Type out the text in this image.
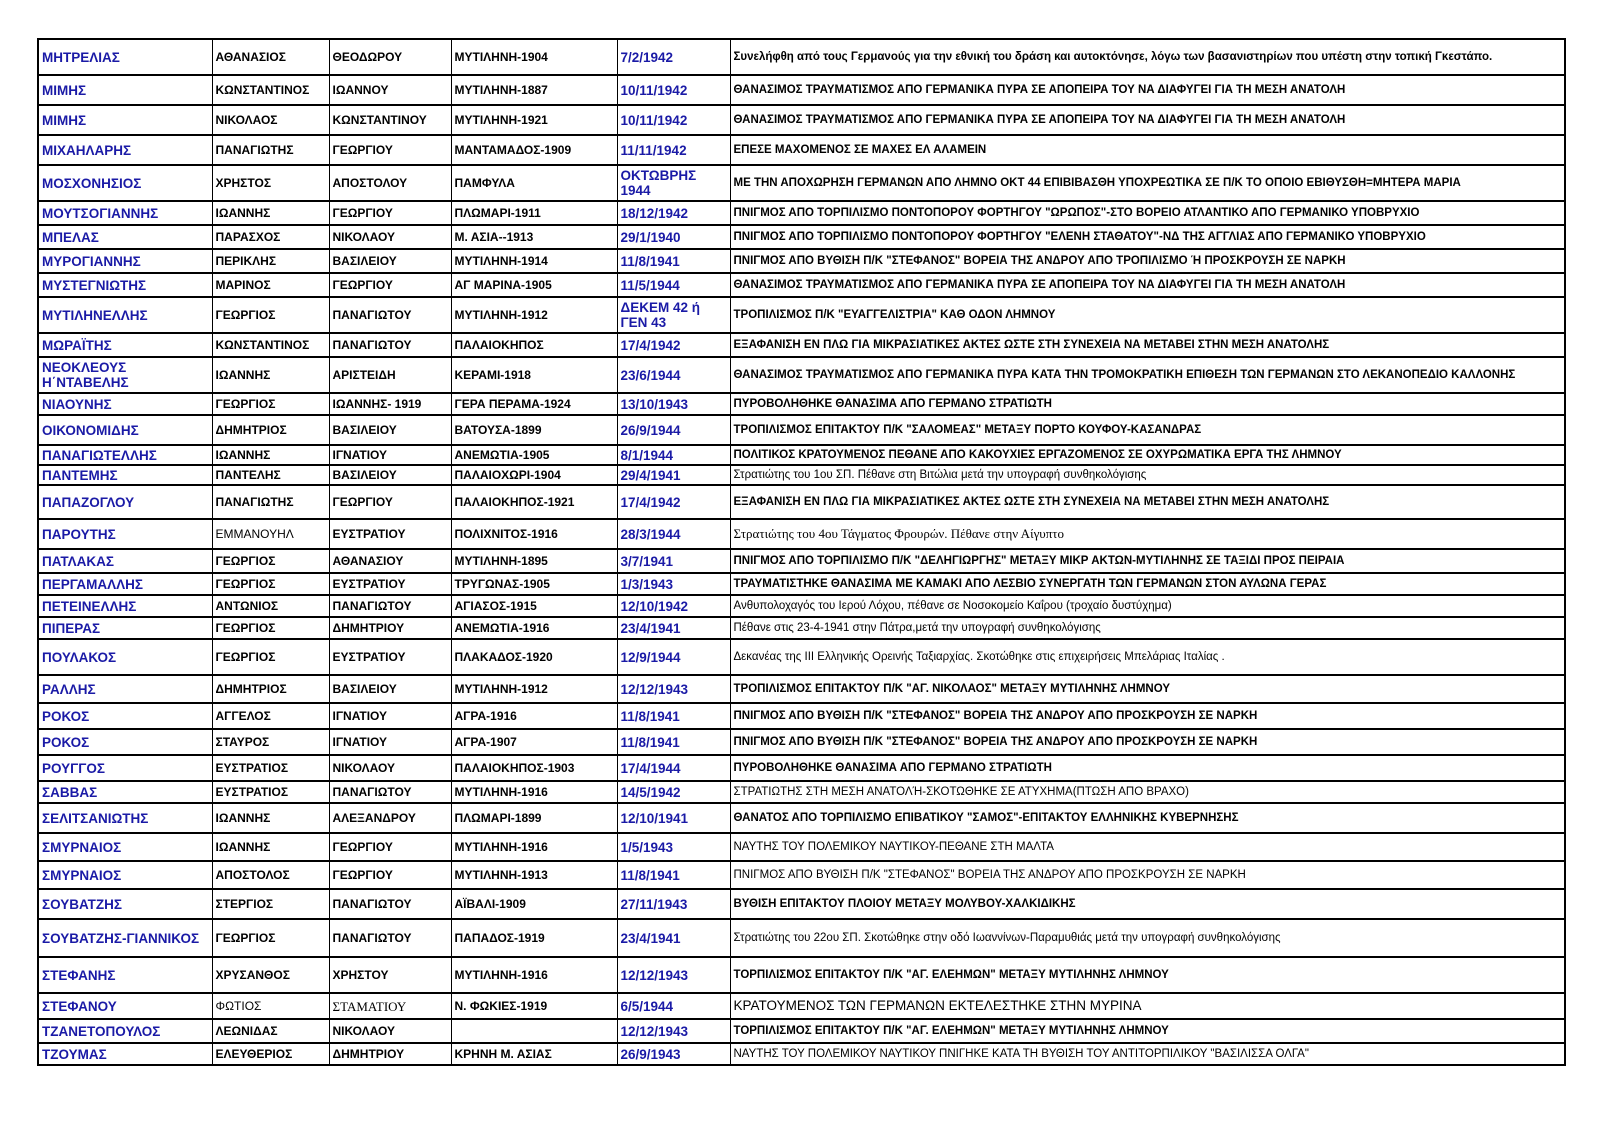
ΜΗΤΡΕΛΙΑΣ	ΑΘΑΝΑΣΙΟΣ	ΘΕΟΔΩΡΟΥ	ΜΥΤΙΛΗΝΗ-1904	7/2/1942	Συνελήφθη από τους Γερμανούς για την εθνική του δράση και αυτοκτόνησε, λόγω των βασανιστηρίων που υπέστη στην τοπική Γκεστάπο.
ΜΙΜΗΣ	ΚΩΝΣΤΑΝΤΙΝΟΣ	ΙΩΑΝΝΟΥ	ΜΥΤΙΛΗΝΗ-1887	10/11/1942	ΘΑΝΑΣΙΜΟΣ ΤΡΑΥΜΑΤΙΣΜΟΣ ΑΠΟ ΓΕΡΜΑΝΙΚΑ ΠΥΡΑ ΣΕ ΑΠΟΠΕΙΡΑ ΤΟΥ ΝΑ ΔΙΑΦΥΓΕΙ ΓΙΑ ΤΗ ΜΕΣΗ ΑΝΑΤΟΛΗ
ΜΙΜΗΣ	ΝΙΚΟΛΑΟΣ	ΚΩΝΣΤΑΝΤΙΝΟΥ	ΜΥΤΙΛΗΝΗ-1921	10/11/1942	ΘΑΝΑΣΙΜΟΣ ΤΡΑΥΜΑΤΙΣΜΟΣ ΑΠΟ ΓΕΡΜΑΝΙΚΑ ΠΥΡΑ ΣΕ ΑΠΟΠΕΙΡΑ ΤΟΥ ΝΑ ΔΙΑΦΥΓΕΙ ΓΙΑ ΤΗ ΜΕΣΗ ΑΝΑΤΟΛΗ
ΜΙΧΑΗΛΑΡΗΣ	ΠΑΝΑΓΙΩΤΗΣ	ΓΕΩΡΓΙΟΥ	ΜΑΝΤΑΜΑΔΟΣ-1909	11/11/1942	ΕΠΕΣΕ ΜΑΧΟΜΕΝΟΣ ΣΕ ΜΑΧΕΣ ΕΛ ΑΛΑΜΕΙΝ
ΜΟΣΧΟΝΗΣΙΟΣ	ΧΡΗΣΤΟΣ	ΑΠΟΣΤΟΛΟΥ	ΠΑΜΦΥΛΑ	ΟΚΤΩΒΡΗΣ 1944	ΜΕ ΤΗΝ ΑΠΟΧΩΡΗΣΗ ΓΕΡΜΑΝΩΝ ΑΠΟ ΛΗΜΝΟ ΟΚΤ 44 ΕΠΙΒΙΒΑΣΘΗ ΥΠΟΧΡΕΩΤΙΚΑ ΣΕ Π/Κ ΤΟ ΟΠΟΙΟ ΕΒΙΘΥΣΘΗ=ΜΗΤΕΡΑ ΜΑΡΙΑ
ΜΟΥΤΣΟΓΙΑΝΝΗΣ	ΙΩΑΝΝΗΣ	ΓΕΩΡΓΙΟΥ	ΠΛΩΜΑΡΙ-1911	18/12/1942	ΠΝΙΓΜΟΣ ΑΠΟ ΤΟΡΠΙΛΙΣΜΟ ΠΟΝΤΟΠΟΡΟΥ ΦΟΡΤΗΓΟΥ "ΩΡΩΠΟΣ"-ΣΤΟ ΒΟΡΕΙΟ ΑΤΛΑΝΤΙΚΟ ΑΠΟ ΓΕΡΜΑΝΙΚΟ ΥΠΟΒΡΥΧΙΟ
ΜΠΕΛΑΣ	ΠΑΡΑΣΧΟΣ	ΝΙΚΟΛΑΟΥ	Μ. ΑΣΙΑ--1913	29/1/1940	ΠΝΙΓΜΟΣ ΑΠΟ ΤΟΡΠΙΛΙΣΜΟ ΠΟΝΤΟΠΟΡΟΥ ΦΟΡΤΗΓΟΥ "ΕΛΕΝΗ ΣΤΑΘΑΤΟΥ"-ΝΔ ΤΗΣ ΑΓΓΛΙΑΣ ΑΠΟ ΓΕΡΜΑΝΙΚΟ ΥΠΟΒΡΥΧΙΟ
ΜΥΡΟΓΙΑΝΝΗΣ	ΠΕΡΙΚΛΗΣ	ΒΑΣΙΛΕΙΟΥ	ΜΥΤΙΛΗΝΗ-1914	11/8/1941	ΠΝΙΓΜΟΣ ΑΠΟ ΒΥΘΙΣΗ Π/Κ "ΣΤΕΦΑΝΟΣ" ΒΟΡΕΙΑ ΤΗΣ ΑΝΔΡΟΥ ΑΠΟ ΤΡΟΠΙΛΙΣΜΟ Ή ΠΡΟΣΚΡΟΥΣΗ ΣΕ ΝΑΡΚΗ
ΜΥΣΤΕΓΝΙΩΤΗΣ	ΜΑΡΙΝΟΣ	ΓΕΩΡΓΙΟΥ	ΑΓ ΜΑΡΙΝΑ-1905	11/5/1944	ΘΑΝΑΣΙΜΟΣ ΤΡΑΥΜΑΤΙΣΜΟΣ ΑΠΟ ΓΕΡΜΑΝΙΚΑ ΠΥΡΑ ΣΕ ΑΠΟΠΕΙΡΑ ΤΟΥ ΝΑ ΔΙΑΦΥΓΕΙ ΓΙΑ ΤΗ ΜΕΣΗ ΑΝΑΤΟΛΗ
ΜΥΤΙΛΗΝΕΛΛΗΣ	ΓΕΩΡΓΙΟΣ	ΠΑΝΑΓΙΩΤΟΥ	ΜΥΤΙΛΗΝΗ-1912	ΔΕΚΕΜ 42 ή ΓΕΝ 43	ΤΡΟΠΙΛΙΣΜΟΣ Π/Κ "ΕΥΑΓΓΕΛΙΣΤΡΙΑ" ΚΑΘ ΟΔΟΝ ΛΗΜΝΟΥ
ΜΩΡΑΪΤΗΣ	ΚΩΝΣΤΑΝΤΙΝΟΣ	ΠΑΝΑΓΙΩΤΟΥ	ΠΑΛΑΙΟΚΗΠΟΣ	17/4/1942	ΕΞΑΦΑΝΙΣΗ ΕΝ ΠΛΩ ΓΙΑ ΜΙΚΡΑΣΙΑΤΙΚΕΣ ΑΚΤΕΣ ΩΣΤΕ ΣΤΗ ΣΥΝΕΧΕΙΑ ΝΑ ΜΕΤΑΒΕΙ ΣΤΗΝ ΜΕΣΗ ΑΝΑΤΟΛΗΣ
ΝΕΟΚΛΕΟΥΣ Η΄ΝΤΑΒΕΛΗΣ	ΙΩΑΝΝΗΣ	ΑΡΙΣΤΕΙΔΗ	ΚΕΡΑΜΙ-1918	23/6/1944	ΘΑΝΑΣΙΜΟΣ ΤΡΑΥΜΑΤΙΣΜΟΣ ΑΠΟ ΓΕΡΜΑΝΙΚΑ ΠΥΡΑ ΚΑΤΑ ΤΗΝ ΤΡΟΜΟΚΡΑΤΙΚΗ ΕΠΙΘΕΣΗ ΤΩΝ ΓΕΡΜΑΝΩΝ ΣΤΟ ΛΕΚΑΝΟΠΕΔΙΟ ΚΑΛΛΟΝΗΣ
ΝΙΑΟΥΝΗΣ	ΓΕΩΡΓΙΟΣ	ΙΩΑΝΝΗΣ- 1919	ΓΕΡΑ ΠΕΡΑΜΑ-1924	13/10/1943	ΠΥΡΟΒΟΛΗΘΗΚΕ ΘΑΝΑΣΙΜΑ ΑΠΟ ΓΕΡΜΑΝΟ ΣΤΡΑΤΙΩΤΗ
ΟΙΚΟΝΟΜΙΔΗΣ	ΔΗΜΗΤΡΙΟΣ	ΒΑΣΙΛΕΙΟΥ	ΒΑΤΟΥΣΑ-1899	26/9/1944	ΤΡΟΠΙΛΙΣΜΟΣ ΕΠΙΤΑΚΤΟΥ Π/Κ "ΣΑΛΟΜΕΑΣ" ΜΕΤΑΞΥ ΠΟΡΤΟ ΚΟΥΦΟΥ-ΚΑΣΑΝΔΡΑΣ
ΠΑΝΑΓΙΩΤΕΛΛΗΣ	ΙΩΑΝΝΗΣ	ΙΓΝΑΤΙΟΥ	ΑΝΕΜΩΤΙΑ-1905	8/1/1944	ΠΟΛΙΤΙΚΟΣ ΚΡΑΤΟΥΜΕΝΟΣ ΠΕΘΑΝΕ ΑΠΟ ΚΑΚΟΥΧΙΕΣ ΕΡΓΑΖΟΜΕΝΟΣ ΣΕ ΟΧΥΡΩΜΑΤΙΚΑ ΕΡΓΑ ΤΗΣ ΛΗΜΝΟΥ
ΠΑΝΤΕΜΗΣ	ΠΑΝΤΕΛΗΣ	ΒΑΣΙΛΕΙΟΥ	ΠΑΛΑΙΟΧΩΡΙ-1904	29/4/1941	Στρατιώτης του 1ου ΣΠ. Πέθανε στη Βιτώλια μετά την υπογραφή συνθηκολόγισης
ΠΑΠΑΖΟΓΛΟΥ	ΠΑΝΑΓΙΩΤΗΣ	ΓΕΩΡΓΙΟΥ	ΠΑΛΑΙΟΚΗΠΟΣ-1921	17/4/1942	ΕΞΑΦΑΝΙΣΗ ΕΝ ΠΛΩ ΓΙΑ ΜΙΚΡΑΣΙΑΤΙΚΕΣ ΑΚΤΕΣ ΩΣΤΕ ΣΤΗ ΣΥΝΕΧΕΙΑ ΝΑ ΜΕΤΑΒΕΙ ΣΤΗΝ ΜΕΣΗ ΑΝΑΤΟΛΗΣ
ΠΑΡΟΥΤΗΣ	ΕΜΜΑΝΟΥΗΛ	ΕΥΣΤΡΑΤΙΟΥ	ΠΟΛΙΧΝΙΤΟΣ-1916	28/3/1944	Στρατιώτης του 4ου Τάγματος Φρουρών. Πέθανε στην Αίγυπτο
ΠΑΤΛΑΚΑΣ	ΓΕΩΡΓΙΟΣ	ΑΘΑΝΑΣΙΟΥ	ΜΥΤΙΛΗΝΗ-1895	3/7/1941	ΠΝΙΓΜΟΣ ΑΠΟ ΤΟΡΠΙΛΙΣΜΟ Π/Κ "ΔΕΛΗΓΙΩΡΓΗΣ" ΜΕΤΑΞΥ ΜΙΚΡ ΑΚΤΩΝ-ΜΥΤΙΛΗΝΗΣ ΣΕ ΤΑΞΙΔΙ ΠΡΟΣ ΠΕΙΡΑΙΑ
ΠΕΡΓΑΜΑΛΛΗΣ	ΓΕΩΡΓΙΟΣ	ΕΥΣΤΡΑΤΙΟΥ	ΤΡΥΓΩΝΑΣ-1905	1/3/1943	ΤΡΑΥΜΑΤΙΣΤΗΚΕ ΘΑΝΑΣΙΜΑ ΜΕ ΚΑΜΑΚΙ ΑΠΟ ΛΕΣΒΙΟ ΣΥΝΕΡΓΑΤΗ ΤΩΝ ΓΕΡΜΑΝΩΝ ΣΤΟΝ ΑΥΛΩΝΑ ΓΕΡΑΣ
ΠΕΤΕΙΝΕΛΛΗΣ	ΑΝΤΩΝΙΟΣ	ΠΑΝΑΓΙΩΤΟΥ	ΑΓΙΑΣΟΣ-1915	12/10/1942	Ανθυπολοχαγός του Ιερού Λόχου, πέθανε σε Νοσοκομείο Καΐρου (τροχαίο δυστύχημα)
ΠΙΠΕΡΑΣ	ΓΕΩΡΓΙΟΣ	ΔΗΜΗΤΡΙΟΥ	ΑΝΕΜΩΤΙΑ-1916	23/4/1941	Πέθανε στις 23-4-1941 στην Πάτρα,μετά την υπογραφή συνθηκολόγισης
ΠΟΥΛΑΚΟΣ	ΓΕΩΡΓΙΟΣ	ΕΥΣΤΡΑΤΙΟΥ	ΠΛΑΚΑΔΟΣ-1920	12/9/1944	Δεκανέας της ΙΙΙ Ελληνικής Ορεινής Ταξιαρχίας. Σκοτώθηκε στις επιχειρήσεις Μπελάριας Ιταλίας .
ΡΑΛΛΗΣ	ΔΗΜΗΤΡΙΟΣ	ΒΑΣΙΛΕΙΟΥ	ΜΥΤΙΛΗΝΗ-1912	12/12/1943	ΤΡΟΠΙΛΙΣΜΟΣ ΕΠΙΤΑΚΤΟΥ Π/Κ "ΑΓ. ΝΙΚΟΛΑΟΣ" ΜΕΤΑΞΥ ΜΥΤΙΛΗΝΗΣ ΛΗΜΝΟΥ
ΡΟΚΟΣ	ΑΓΓΕΛΟΣ	ΙΓΝΑΤΙΟΥ	ΑΓΡΑ-1916	11/8/1941	ΠΝΙΓΜΟΣ ΑΠΟ ΒΥΘΙΣΗ Π/Κ "ΣΤΕΦΑΝΟΣ" ΒΟΡΕΙΑ ΤΗΣ ΑΝΔΡΟΥ ΑΠΟ ΠΡΟΣΚΡΟΥΣΗ ΣΕ ΝΑΡΚΗ
ΡΟΚΟΣ	ΣΤΑΥΡΟΣ	ΙΓΝΑΤΙΟΥ	ΑΓΡΑ-1907	11/8/1941	ΠΝΙΓΜΟΣ ΑΠΟ ΒΥΘΙΣΗ Π/Κ "ΣΤΕΦΑΝΟΣ" ΒΟΡΕΙΑ ΤΗΣ ΑΝΔΡΟΥ ΑΠΟ ΠΡΟΣΚΡΟΥΣΗ ΣΕ ΝΑΡΚΗ
ΡΟΥΓΓΟΣ	ΕΥΣΤΡΑΤΙΟΣ	ΝΙΚΟΛΑΟΥ	ΠΑΛΑΙΟΚΗΠΟΣ-1903	17/4/1944	ΠΥΡΟΒΟΛΗΘΗΚΕ ΘΑΝΑΣΙΜΑ ΑΠΟ ΓΕΡΜΑΝΟ ΣΤΡΑΤΙΩΤΗ
ΣΑΒΒΑΣ	ΕΥΣΤΡΑΤΙΟΣ	ΠΑΝΑΓΙΩΤΟΥ	ΜΥΤΙΛΗΝΗ-1916	14/5/1942	ΣΤΡΑΤΙΩΤΗΣ ΣΤΗ ΜΕΣΗ ΑΝΑΤΟΛΉ-ΣΚΟΤΩΘΗΚΕ ΣΕ ΑΤΥΧΗΜΑ(ΠΤΩΣΗ ΑΠΟ ΒΡΑΧΟ)
ΣΕΛΙΤΣΑΝΙΩΤΗΣ	ΙΩΑΝΝΗΣ	ΑΛΕΞΑΝΔΡΟΥ	ΠΛΩΜΑΡΙ-1899	12/10/1941	ΘΑΝΑΤΟΣ ΑΠΟ ΤΟΡΠΙΛΙΣΜΟ ΕΠΙΒΑΤΙΚΟΥ "ΣΑΜΟΣ"-ΕΠΙΤΑΚΤΟΥ ΕΛΛΗΝΙΚΗΣ ΚΥΒΕΡΝΗΣΗΣ
ΣΜΥΡΝΑΙΟΣ	ΙΩΑΝΝΗΣ	ΓΕΩΡΓΙΟΥ	ΜΥΤΙΛΗΝΗ-1916	1/5/1943	ΝΑΥΤΗΣ ΤΟΥ ΠΟΛΕΜΙΚΟΥ ΝΑΥΤΙΚΟΥ-ΠΕΘΑΝΕ ΣΤΗ ΜΑΛΤΑ
ΣΜΥΡΝΑΙΟΣ	ΑΠΟΣΤΟΛΟΣ	ΓΕΩΡΓΙΟΥ	ΜΥΤΙΛΗΝΗ-1913	11/8/1941	ΠΝΙΓΜΟΣ ΑΠΟ ΒΥΘΙΣΗ Π/Κ "ΣΤΕΦΑΝΟΣ" ΒΟΡΕΙΑ ΤΗΣ ΑΝΔΡΟΥ ΑΠΟ ΠΡΟΣΚΡΟΥΣΗ ΣΕ ΝΑΡΚΗ
ΣΟΥΒΑΤΖΗΣ	ΣΤΕΡΓΙΟΣ	ΠΑΝΑΓΙΩΤΟΥ	ΑΪΒΑΛΙ-1909	27/11/1943	ΒΥΘΙΣΗ ΕΠΙΤΑΚΤΟΥ ΠΛΟΙΟΥ ΜΕΤΑΞΥ ΜΟΛΥΒΟΥ-ΧΑΛΚΙΔΙΚΗΣ
ΣΟΥΒΑΤΖΗΣ-ΓΙΑΝΝΙΚΟΣ	ΓΕΩΡΓΙΟΣ	ΠΑΝΑΓΙΩΤΟΥ	ΠΑΠΑΔΟΣ-1919	23/4/1941	Στρατιώτης του 22ου ΣΠ. Σκοτώθηκε στην οδό Ιωαννίνων-Παραμυθιάς μετά την υπογραφή συνθηκολόγισης
ΣΤΕΦΑΝΗΣ	ΧΡΥΣΑΝΘΟΣ	ΧΡΗΣΤΟΥ	ΜΥΤΙΛΗΝΗ-1916	12/12/1943	ΤΟΡΠΙΛΙΣΜΟΣ ΕΠΙΤΑΚΤΟΥ Π/Κ "ΑΓ. ΕΛΕΗΜΩΝ" ΜΕΤΑΞΥ ΜΥΤΙΛΗΝΗΣ ΛΗΜΝΟΥ
ΣΤΕΦΑΝΟΥ	ΦΩΤΙΟΣ	ΣΤΑΜΑΤΙΟΥ	Ν. ΦΩΚΙΕΣ-1919	6/5/1944	ΚΡΑΤΟΥΜΕΝΟΣ ΤΩΝ ΓΕΡΜΑΝΩΝ ΕΚΤΕΛΕΣΤΗΚΕ ΣΤΗΝ ΜΥΡΙΝΑ
ΤΖΑΝΕΤΟΠΟΥΛΟΣ	ΛΕΩΝΙΔΑΣ	ΝΙΚΟΛΑΟΥ		12/12/1943	ΤΟΡΠΙΛΙΣΜΟΣ ΕΠΙΤΑΚΤΟΥ Π/Κ "ΑΓ. ΕΛΕΗΜΩΝ" ΜΕΤΑΞΥ ΜΥΤΙΛΗΝΗΣ ΛΗΜΝΟΥ
ΤΖΟΥΜΑΣ	ΕΛΕΥΘΕΡΙΟΣ	ΔΗΜΗΤΡΙΟΥ	ΚΡΗΝΗ Μ. ΑΣΙΑΣ	26/9/1943	ΝΑΥΤΗΣ ΤΟΥ ΠΟΛΕΜΙΚΟΥ ΝΑΥΤΙΚΟΥ ΠΝΙΓΗΚΕ ΚΑΤΑ ΤΗ ΒΥΘΙΣΗ ΤΟΥ ΑΝΤΙΤΟΡΠΙΛΙΚΟΥ "ΒΑΣΙΛΙΣΣΑ ΟΛΓΑ"
